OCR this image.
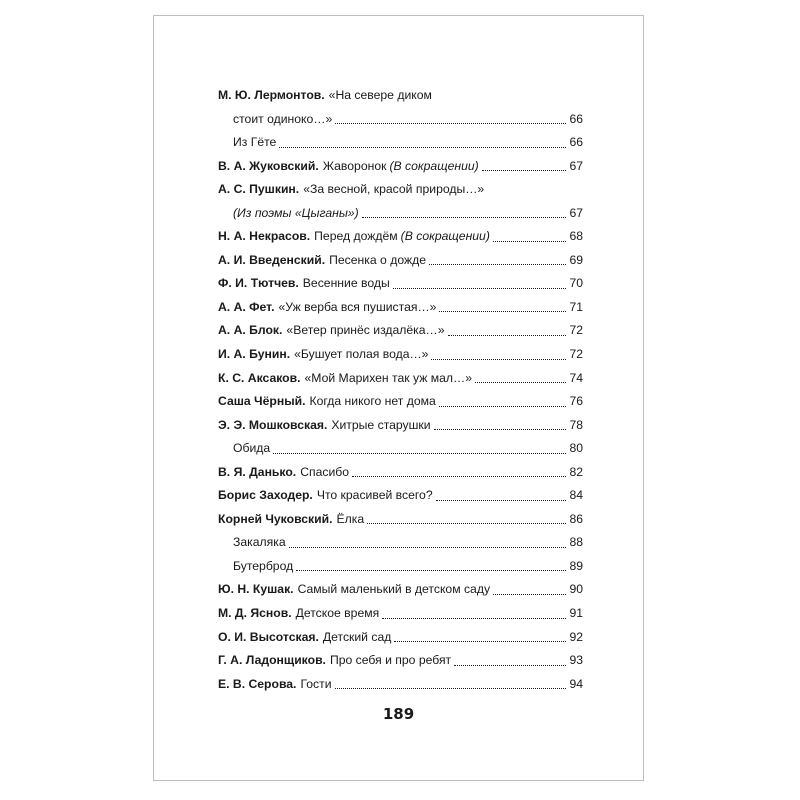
М. Ю. Лермонтов. «На севере диком
стоит одиноко…»	66
Из Гёте	66
В. А. Жуковский. Жаворонок (В сокращении)	67
А. С. Пушкин. «За весной, красой природы…»
(Из поэмы «Цыганы»)	67
Н. А. Некрасов. Перед дождём (В сокращении)	68
А. И. Введенский. Песенка о дожде	69
Ф. И. Тютчев. Весенние воды	70
А. А. Фет. «Уж верба вся пушистая…»	71
А. А. Блок. «Ветер принёс издалёка…»	72
И. А. Бунин. «Бушует полая вода…»	72
К. С. Аксаков. «Мой Марихен так уж мал…»	74
Саша Чёрный. Когда никого нет дома	76
Э. Э. Мошковская. Хитрые старушки	78
Обида	80
В. Я. Данько. Спасибо	82
Борис Заходер. Что красивей всего?	84
Корней Чуковский. Ёлка	86
Закаляка	88
Бутерброд	89
Ю. Н. Кушак. Самый маленький в детском саду	90
М. Д. Яснов. Детское время	91
О. И. Высотская. Детский сад	92
Г. А. Ладонщиков. Про себя и про ребят	93
Е. В. Серова. Гости	94
189
